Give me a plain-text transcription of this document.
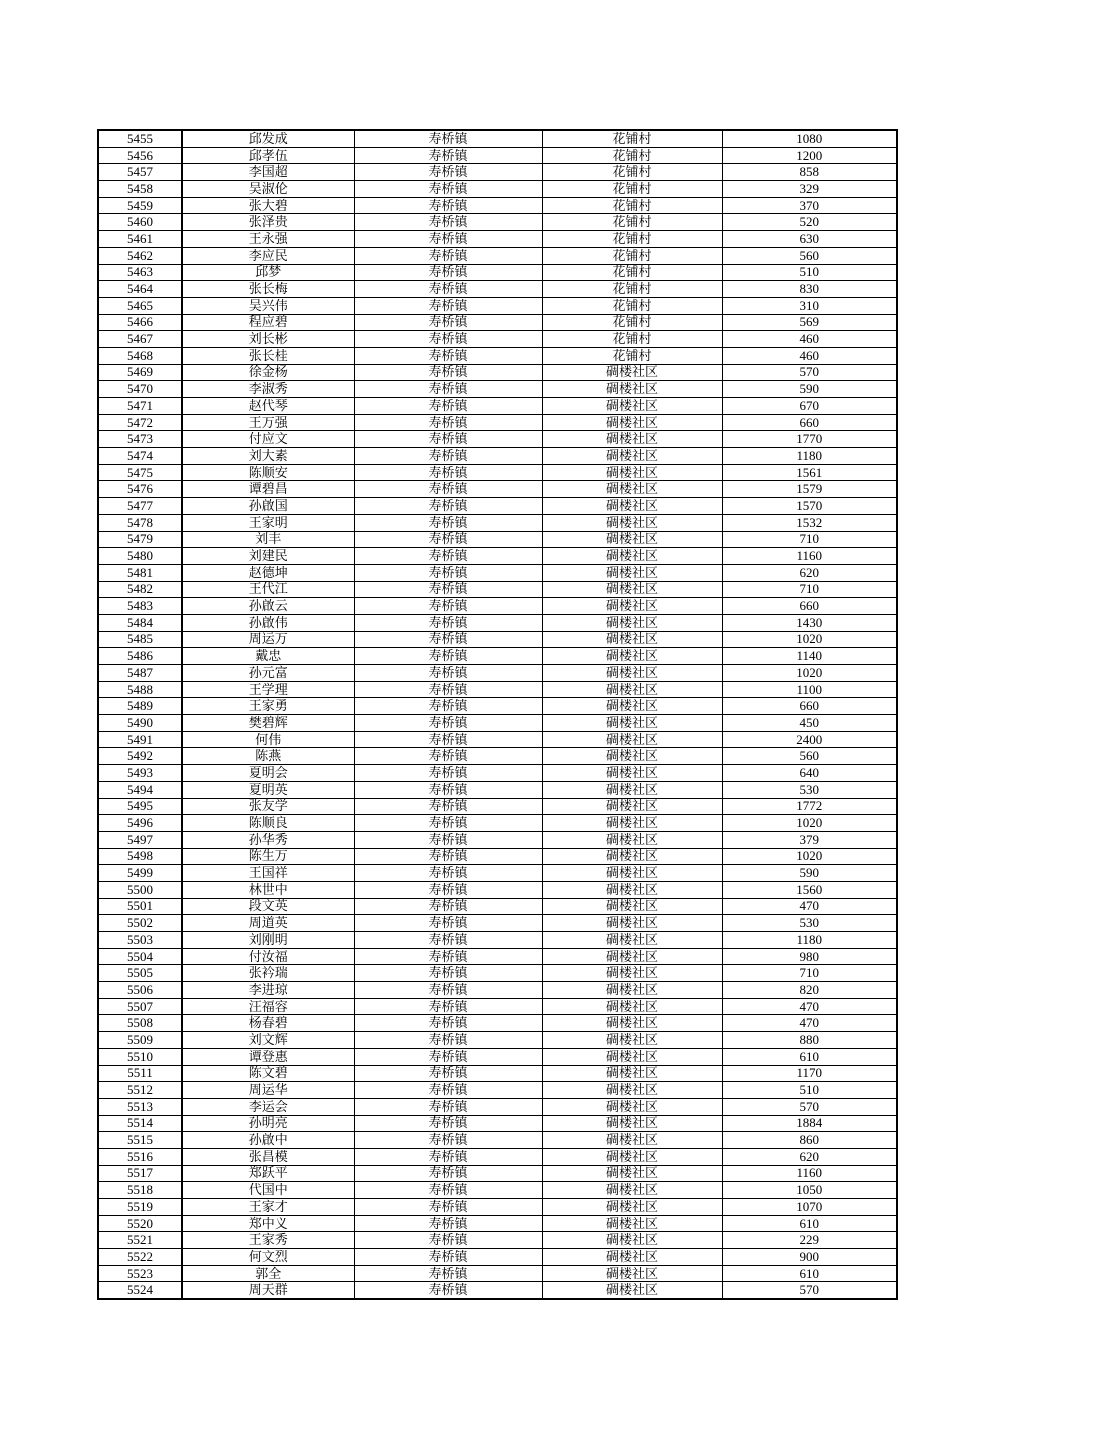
5455	邱发成	寿桥镇	花铺村	1080
5456	邱孝伍	寿桥镇	花铺村	1200
5457	李国超	寿桥镇	花铺村	858
5458	吴淑伦	寿桥镇	花铺村	329
5459	张大碧	寿桥镇	花铺村	370
5460	张泽贵	寿桥镇	花铺村	520
5461	王永强	寿桥镇	花铺村	630
5462	李应民	寿桥镇	花铺村	560
5463	邱梦	寿桥镇	花铺村	510
5464	张长梅	寿桥镇	花铺村	830
5465	吴兴伟	寿桥镇	花铺村	310
5466	程应碧	寿桥镇	花铺村	569
5467	刘长彬	寿桥镇	花铺村	460
5468	张长桂	寿桥镇	花铺村	460
5469	徐金杨	寿桥镇	碉楼社区	570
5470	李淑秀	寿桥镇	碉楼社区	590
5471	赵代琴	寿桥镇	碉楼社区	670
5472	王万强	寿桥镇	碉楼社区	660
5473	付应文	寿桥镇	碉楼社区	1770
5474	刘大素	寿桥镇	碉楼社区	1180
5475	陈顺安	寿桥镇	碉楼社区	1561
5476	谭碧昌	寿桥镇	碉楼社区	1579
5477	孙啟国	寿桥镇	碉楼社区	1570
5478	王家明	寿桥镇	碉楼社区	1532
5479	刘丰	寿桥镇	碉楼社区	710
5480	刘建民	寿桥镇	碉楼社区	1160
5481	赵德坤	寿桥镇	碉楼社区	620
5482	王代江	寿桥镇	碉楼社区	710
5483	孙啟云	寿桥镇	碉楼社区	660
5484	孙啟伟	寿桥镇	碉楼社区	1430
5485	周运万	寿桥镇	碉楼社区	1020
5486	戴忠	寿桥镇	碉楼社区	1140
5487	孙元富	寿桥镇	碉楼社区	1020
5488	王学理	寿桥镇	碉楼社区	1100
5489	王家勇	寿桥镇	碉楼社区	660
5490	樊碧辉	寿桥镇	碉楼社区	450
5491	何伟	寿桥镇	碉楼社区	2400
5492	陈燕	寿桥镇	碉楼社区	560
5493	夏明会	寿桥镇	碉楼社区	640
5494	夏明英	寿桥镇	碉楼社区	530
5495	张友学	寿桥镇	碉楼社区	1772
5496	陈顺良	寿桥镇	碉楼社区	1020
5497	孙华秀	寿桥镇	碉楼社区	379
5498	陈生万	寿桥镇	碉楼社区	1020
5499	王国祥	寿桥镇	碉楼社区	590
5500	林世中	寿桥镇	碉楼社区	1560
5501	段文英	寿桥镇	碉楼社区	470
5502	周道英	寿桥镇	碉楼社区	530
5503	刘刚明	寿桥镇	碉楼社区	1180
5504	付汝福	寿桥镇	碉楼社区	980
5505	张衿瑞	寿桥镇	碉楼社区	710
5506	李进琼	寿桥镇	碉楼社区	820
5507	汪福容	寿桥镇	碉楼社区	470
5508	杨春碧	寿桥镇	碉楼社区	470
5509	刘文辉	寿桥镇	碉楼社区	880
5510	谭登惠	寿桥镇	碉楼社区	610
5511	陈文碧	寿桥镇	碉楼社区	1170
5512	周运华	寿桥镇	碉楼社区	510
5513	李运会	寿桥镇	碉楼社区	570
5514	孙明亮	寿桥镇	碉楼社区	1884
5515	孙啟中	寿桥镇	碉楼社区	860
5516	张昌模	寿桥镇	碉楼社区	620
5517	郑跃平	寿桥镇	碉楼社区	1160
5518	代国中	寿桥镇	碉楼社区	1050
5519	王家才	寿桥镇	碉楼社区	1070
5520	郑中义	寿桥镇	碉楼社区	610
5521	王家秀	寿桥镇	碉楼社区	229
5522	何文烈	寿桥镇	碉楼社区	900
5523	郭全	寿桥镇	碉楼社区	610
5524	周天群	寿桥镇	碉楼社区	570
